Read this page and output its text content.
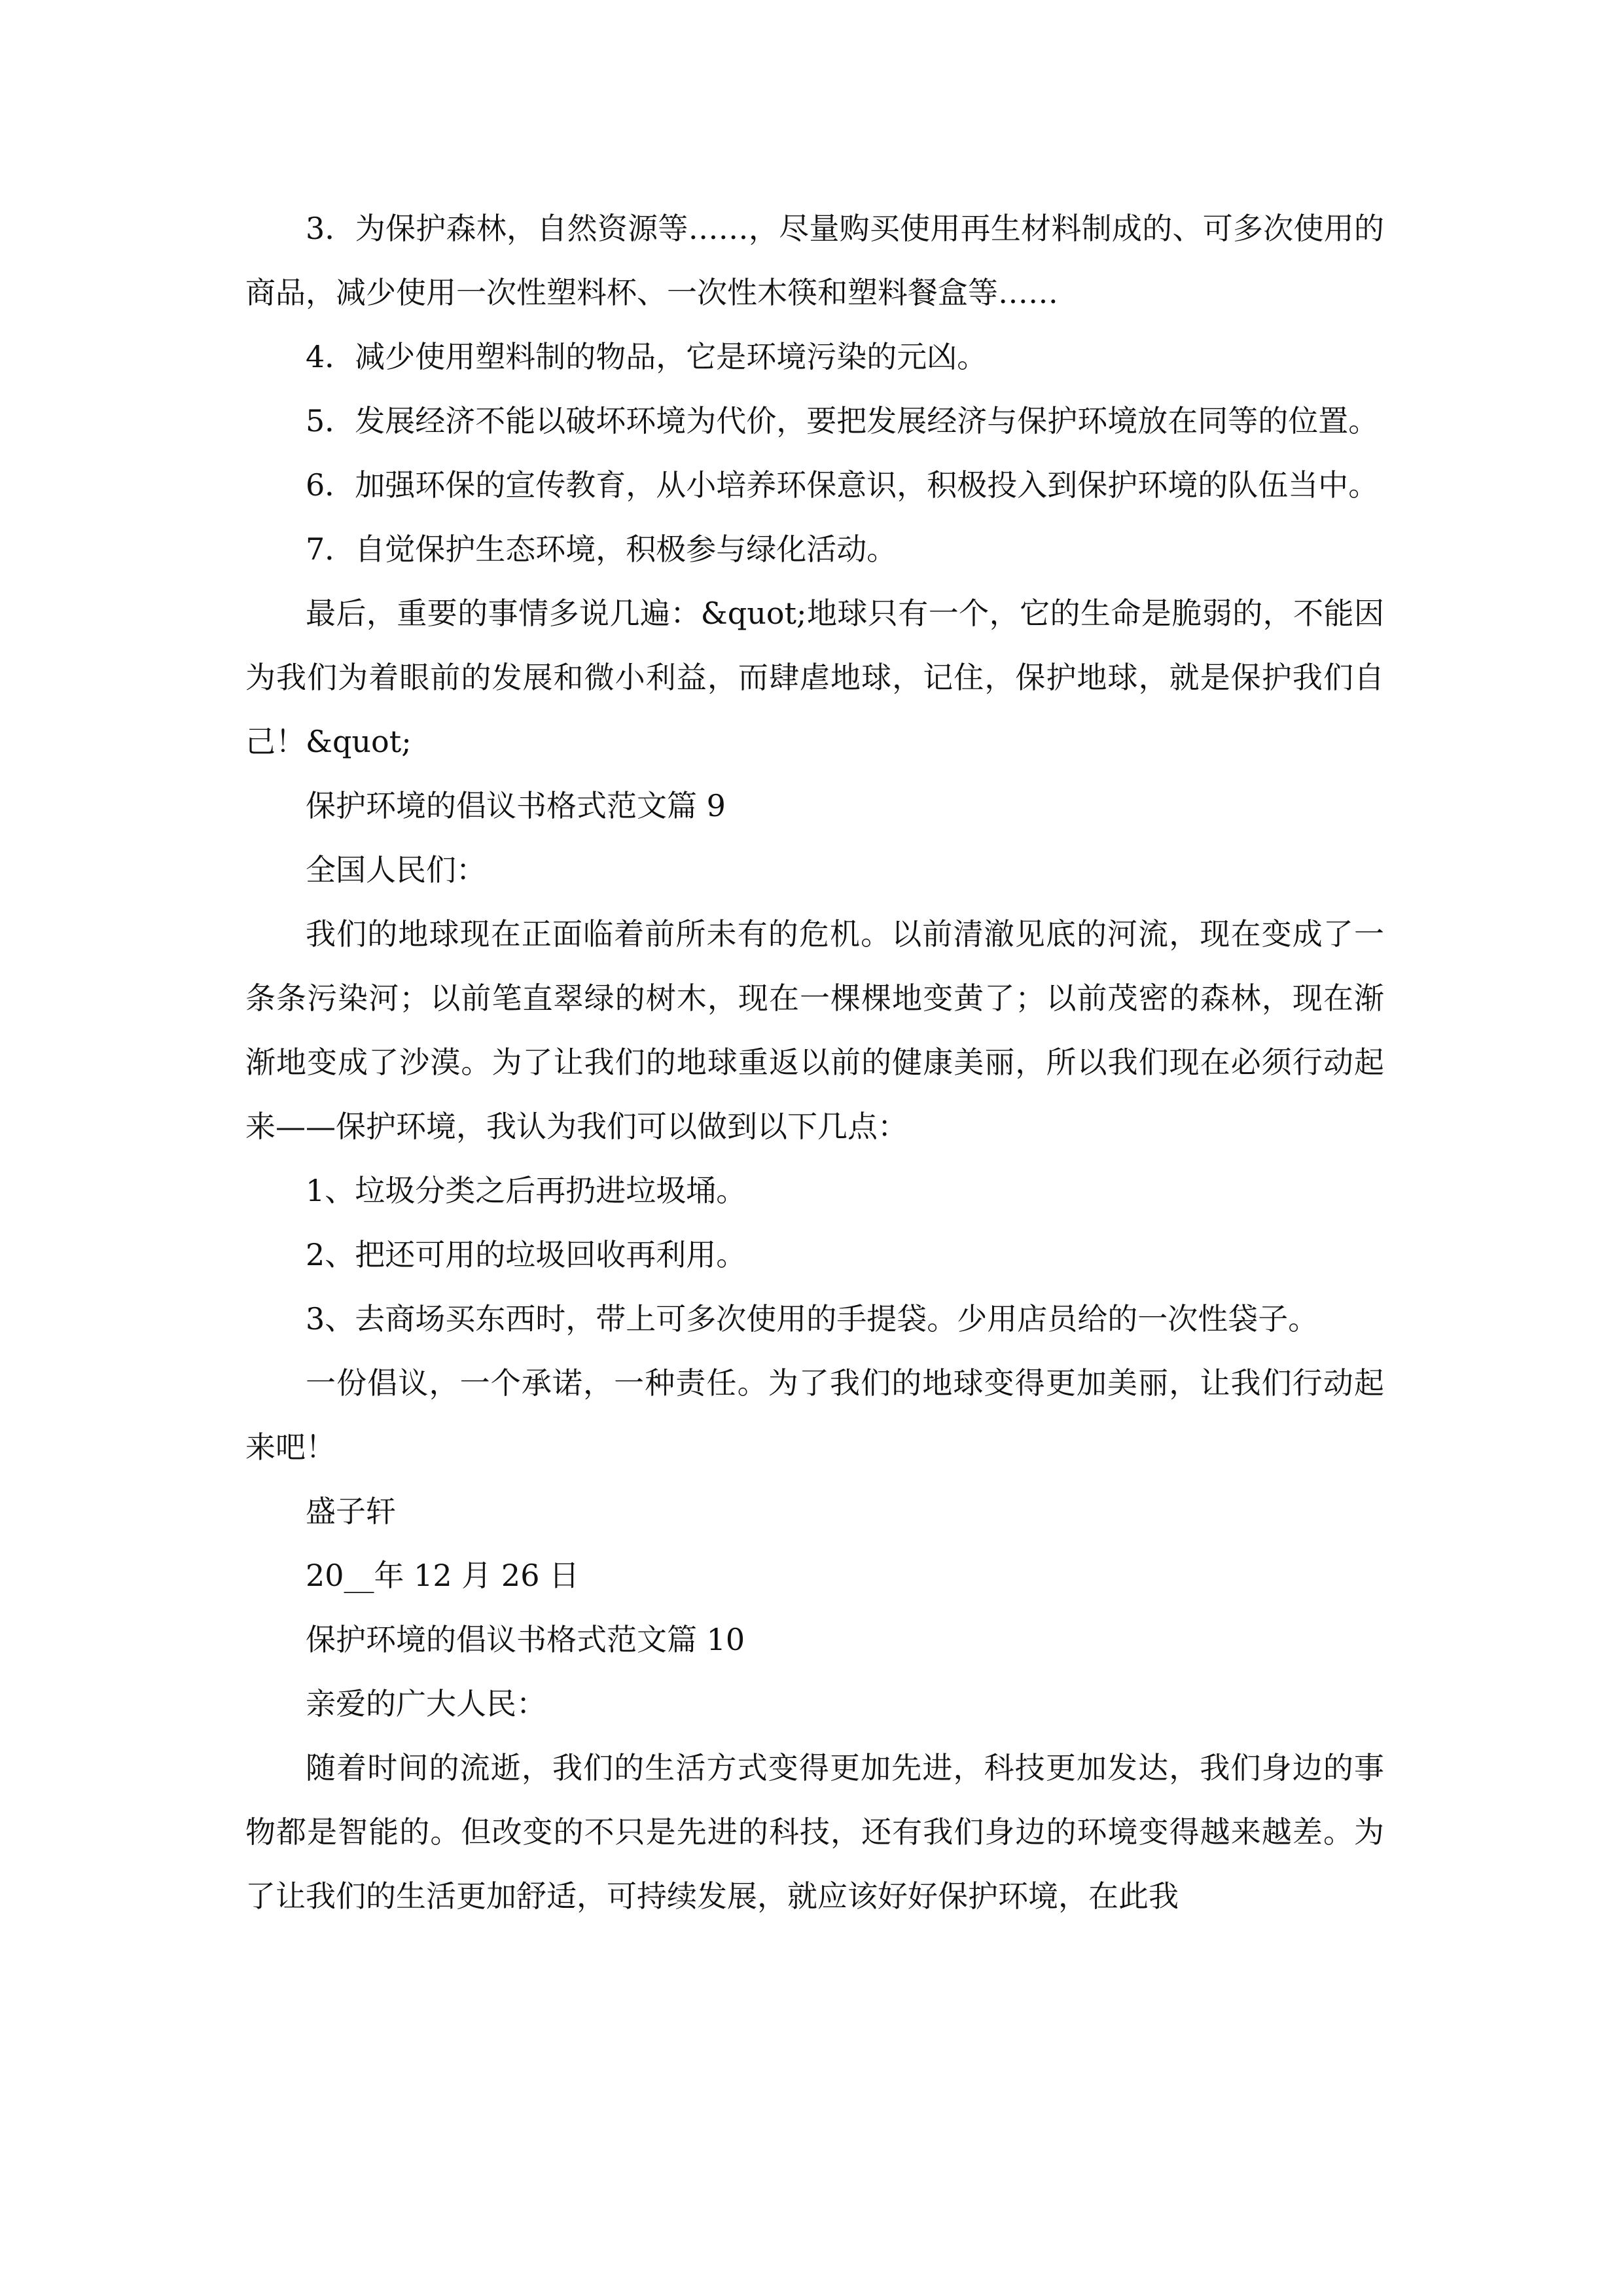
3．为保护森林，自然资源等……，尽量购买使用再生材料制成的、可多次使用的商品，减少使用一次性塑料杯、一次性木筷和塑料餐盒等……

4．减少使用塑料制的物品，它是环境污染的元凶。

5．发展经济不能以破坏环境为代价，要把发展经济与保护环境放在同等的位置。

6．加强环保的宣传教育，从小培养环保意识，积极投入到保护环境的队伍当中。

7．自觉保护生态环境，积极参与绿化活动。

最后，重要的事情多说几遍：&quot;地球只有一个，它的生命是脆弱的，不能因为我们为着眼前的发展和微小利益，而肆虐地球，记住，保护地球，就是保护我们自己！&quot;

保护环境的倡议书格式范文篇 9

全国人民们：

我们的地球现在正面临着前所未有的危机。以前清澈见底的河流，现在变成了一条条污染河；以前笔直翠绿的树木，现在一棵棵地变黄了；以前茂密的森林，现在渐渐地变成了沙漠。为了让我们的地球重返以前的健康美丽，所以我们现在必须行动起来——保护环境，我认为我们可以做到以下几点：

1、垃圾分类之后再扔进垃圾埇。

2、把还可用的垃圾回收再利用。

3、去商场买东西时，带上可多次使用的手提袋。少用店员给的一次性袋子。

一份倡议，一个承诺，一种责任。为了我们的地球变得更加美丽，让我们行动起来吧！

盛子轩

20__年 12 月 26 日

保护环境的倡议书格式范文篇 10

亲爱的广大人民：

随着时间的流逝，我们的生活方式变得更加先进，科技更加发达，我们身边的事物都是智能的。但改变的不只是先进的科技，还有我们身边的环境变得越来越差。为了让我们的生活更加舒适，可持续发展，就应该好好保护环境，在此我
